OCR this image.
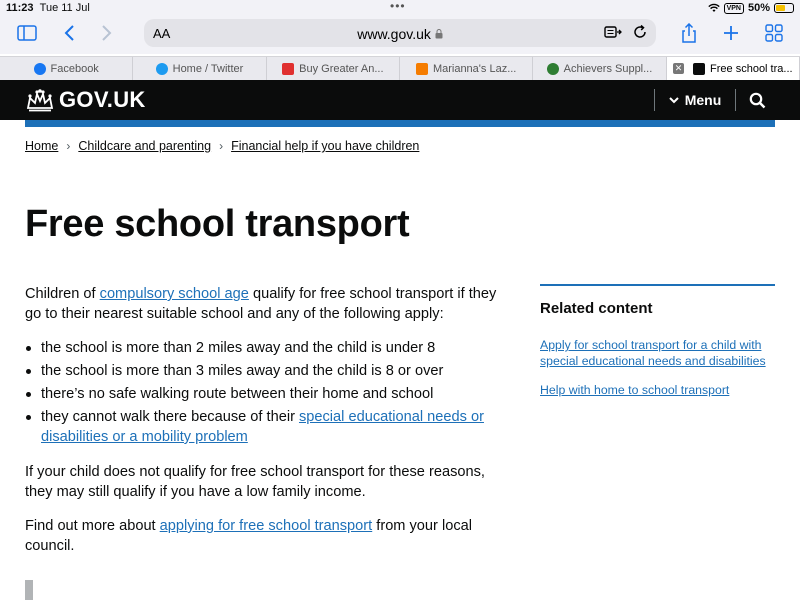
11:23 Tue 11 Jul	•••	VPN 50%
AA	www.gov.uk
Facebook	Home / Twitter	Buy Greater An...	Marianna's Laz...	Achievers Suppl... ✕	Free school tra...
GOV.UK	Menu
Home › Childcare and parenting › Financial help if you have children
Free school transport

Children of compulsory school age qualify for free school transport if they go to their nearest suitable school and any of the following apply:

the school is more than 2 miles away and the child is under 8
the school is more than 3 miles away and the child is 8 or over
there’s no safe walking route between their home and school
they cannot walk there because of their special educational needs or disabilities or a mobility problem

If your child does not qualify for free school transport for these reasons, they may still qualify if you have a low family income.

Find out more about applying for free school transport from your local council.

Related content
Apply for school transport for a child with special educational needs and disabilities
Help with home to school transport
